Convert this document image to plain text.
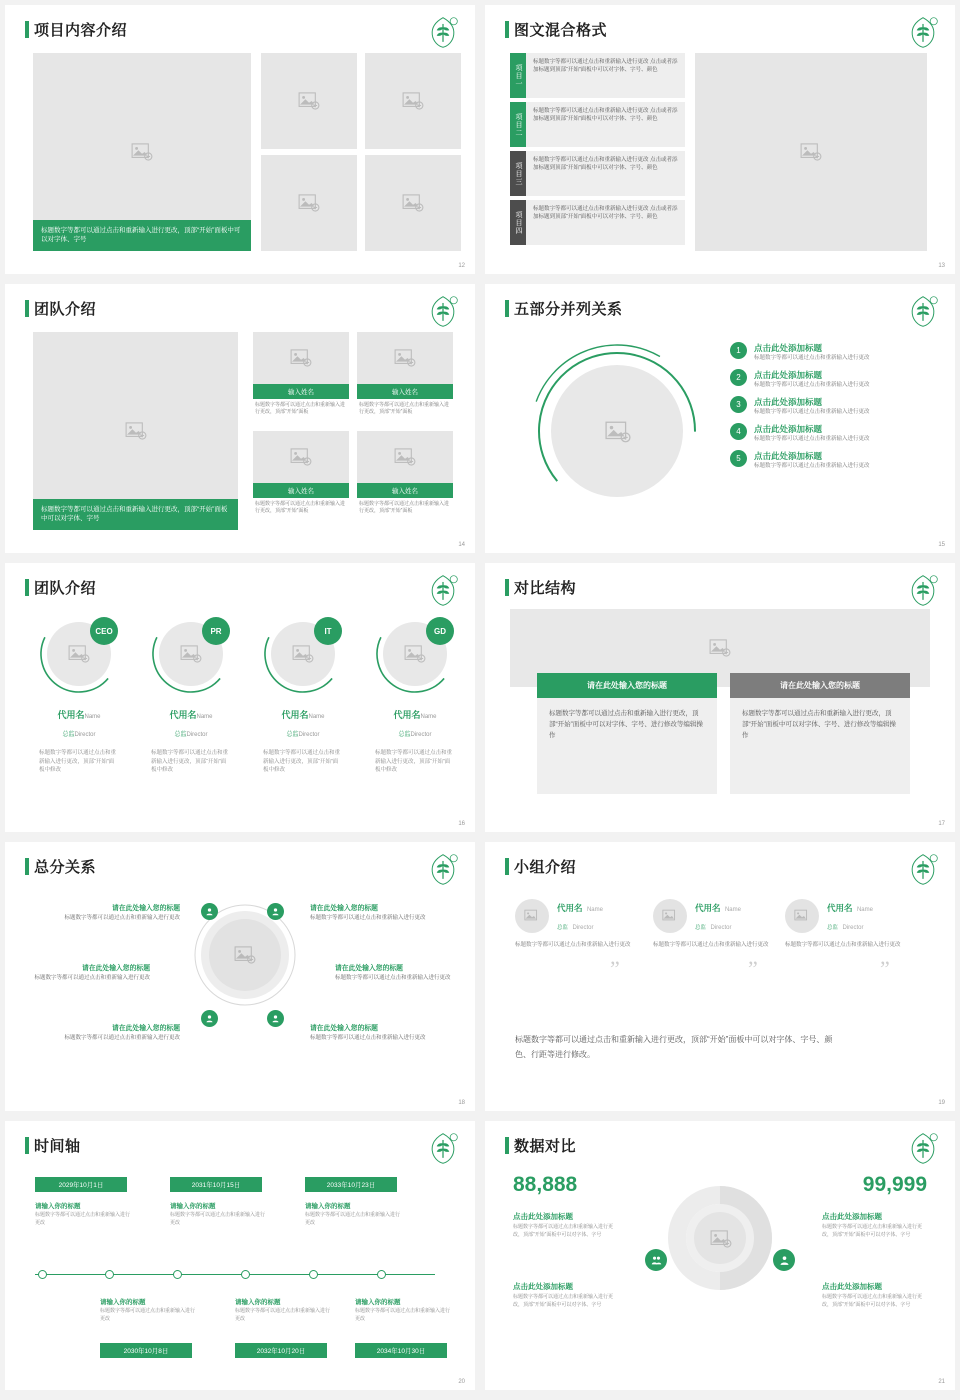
项目内容介绍
标题数字等都可以通过点击和重新输入进行更改，顶部“开始”面板中可以对字体、字号
12
图文混合格式
项目一
标题数字等都可以通过点击和重新输入进行更改 点击或者添加标题到顶部“开始”面板中可以对字体、字号、颜色
项目二
标题数字等都可以通过点击和重新输入进行更改 点击或者添加标题到顶部“开始”面板中可以对字体、字号、颜色
项目三
标题数字等都可以通过点击和重新输入进行更改 点击或者添加标题到顶部“开始”面板中可以对字体、字号、颜色
项目四
标题数字等都可以通过点击和重新输入进行更改 点击或者添加标题到顶部“开始”面板中可以对字体、字号、颜色
13
团队介绍
标题数字等都可以通过点击和重新输入进行更改，顶部“开始”面板中可以对字体、字号
输入姓名
标题数字等都可以通过点击和重新输入进行更改，顶部“开始”面板
输入姓名
标题数字等都可以通过点击和重新输入进行更改，顶部“开始”面板
输入姓名
标题数字等都可以通过点击和重新输入进行更改，顶部“开始”面板
输入姓名
标题数字等都可以通过点击和重新输入进行更改，顶部“开始”面板
14
五部分并列关系
1	点击此处添加标题
标题数字等都可以通过点击和重新输入进行更改
2	点击此处添加标题
标题数字等都可以通过点击和重新输入进行更改
3	点击此处添加标题
标题数字等都可以通过点击和重新输入进行更改
4	点击此处添加标题
标题数字等都可以通过点击和重新输入进行更改
5	点击此处添加标题
标题数字等都可以通过点击和重新输入进行更改
15
团队介绍
CEO
代用名Name
总监Director
标题数字等都可以通过点击和重新输入进行更改，顶部“开始”面板中修改
PR
代用名Name
总监Director
标题数字等都可以通过点击和重新输入进行更改，顶部“开始”面板中修改
IT
代用名Name
总监Director
标题数字等都可以通过点击和重新输入进行更改，顶部“开始”面板中修改
GD
代用名Name
总监Director
标题数字等都可以通过点击和重新输入进行更改，顶部“开始”面板中修改
16
对比结构
请在此处输入您的标题
标题数字等都可以通过点击和重新输入进行更改，顶部“开始”面板中可以对字体、字号、进行修改等编辑操作
请在此处输入您的标题
标题数字等都可以通过点击和重新输入进行更改，顶部“开始”面板中可以对字体、字号、进行修改等编辑操作
17
总分关系
请在此处输入您的标题
标题数字等都可以通过点击和重新输入进行更改
请在此处输入您的标题
标题数字等都可以通过点击和重新输入进行更改
请在此处输入您的标题
标题数字等都可以通过点击和重新输入进行更改
请在此处输入您的标题
标题数字等都可以通过点击和重新输入进行更改
请在此处输入您的标题
标题数字等都可以通过点击和重新输入进行更改
请在此处输入您的标题
标题数字等都可以通过点击和重新输入进行更改
18
小组介绍
代用名 Name
总监 Director
标题数字等都可以通过点击和重新输入进行更改
”
代用名 Name
总监 Director
标题数字等都可以通过点击和重新输入进行更改
”
代用名 Name
总监 Director
标题数字等都可以通过点击和重新输入进行更改
”
标题数字等都可以通过点击和重新输入进行更改，顶部“开始”面板中可以对字体、字号、颜色、行距等进行修改。
19
时间轴
2029年10月1日	2031年10月15日	2033年10月23日
请输入你的标题
标题数字等都可以通过点击和重新输入进行更改
请输入你的标题
标题数字等都可以通过点击和重新输入进行更改
请输入你的标题
标题数字等都可以通过点击和重新输入进行更改
请输入你的标题
标题数字等都可以通过点击和重新输入进行更改
请输入你的标题
标题数字等都可以通过点击和重新输入进行更改
请输入你的标题
标题数字等都可以通过点击和重新输入进行更改
2030年10月8日	2032年10月20日	2034年10月30日
20
数据对比
88,888	99,999
点击此处添加标题
标题数字等都可以通过点击和重新输入进行更改，顶部“开始”面板中可以对字体、字号
点击此处添加标题
标题数字等都可以通过点击和重新输入进行更改，顶部“开始”面板中可以对字体、字号
点击此处添加标题
标题数字等都可以通过点击和重新输入进行更改，顶部“开始”面板中可以对字体、字号
点击此处添加标题
标题数字等都可以通过点击和重新输入进行更改，顶部“开始”面板中可以对字体、字号
21
